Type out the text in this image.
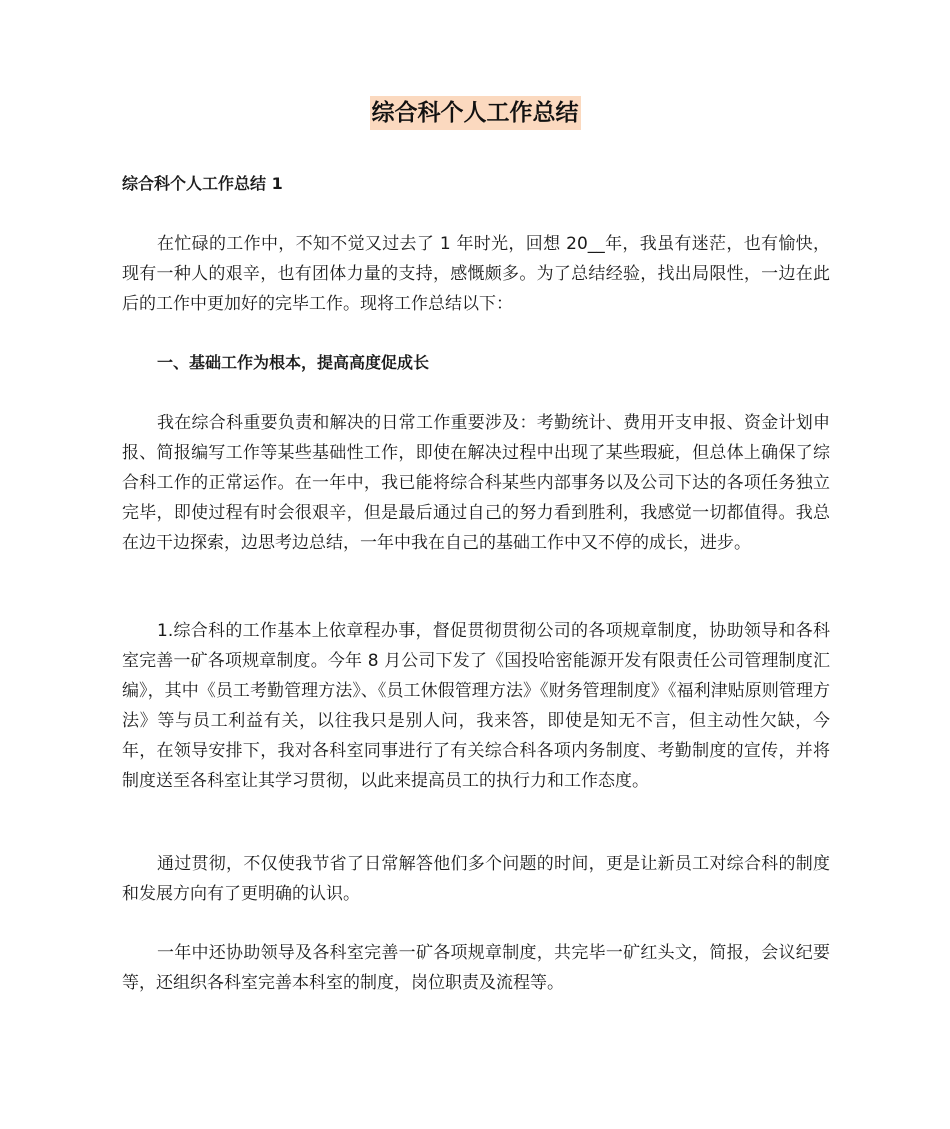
综合科个人工作总结

综合科个人工作总结 1

在忙碌的工作中，不知不觉又过去了 1 年时光，回想 20__年，我虽有迷茫，也有愉快，现有一种人的艰辛，也有团体力量的支持，感慨颇多。为了总结经验，找出局限性，一边在此后的工作中更加好的完毕工作。现将工作总结以下：

一、基础工作为根本，提高高度促成长

我在综合科重要负责和解决的日常工作重要涉及：考勤统计、费用开支申报、资金计划申报、简报编写工作等某些基础性工作，即使在解决过程中出现了某些瑕疵，但总体上确保了综合科工作的正常运作。在一年中，我已能将综合科某些内部事务以及公司下达的各项任务独立完毕，即使过程有时会很艰辛，但是最后通过自己的努力看到胜利，我感觉一切都值得。我总在边干边探索，边思考边总结，一年中我在自己的基础工作中又不停的成长，进步。

1.综合科的工作基本上依章程办事，督促贯彻贯彻公司的各项规章制度，协助领导和各科室完善一矿各项规章制度。今年 8 月公司下发了《国投哈密能源开发有限责任公司管理制度汇编》，其中《员工考勤管理方法》、《员工休假管理方法》《财务管理制度》《福利津贴原则管理方法》等与员工利益有关，以往我只是别人问，我来答，即使是知无不言，但主动性欠缺，今年，在领导安排下，我对各科室同事进行了有关综合科各项内务制度、考勤制度的宣传，并将制度送至各科室让其学习贯彻，以此来提高员工的执行力和工作态度。

通过贯彻，不仅使我节省了日常解答他们多个问题的时间，更是让新员工对综合科的制度和发展方向有了更明确的认识。

一年中还协助领导及各科室完善一矿各项规章制度，共完毕一矿红头文，简报，会议纪要等，还组织各科室完善本科室的制度，岗位职责及流程等。
